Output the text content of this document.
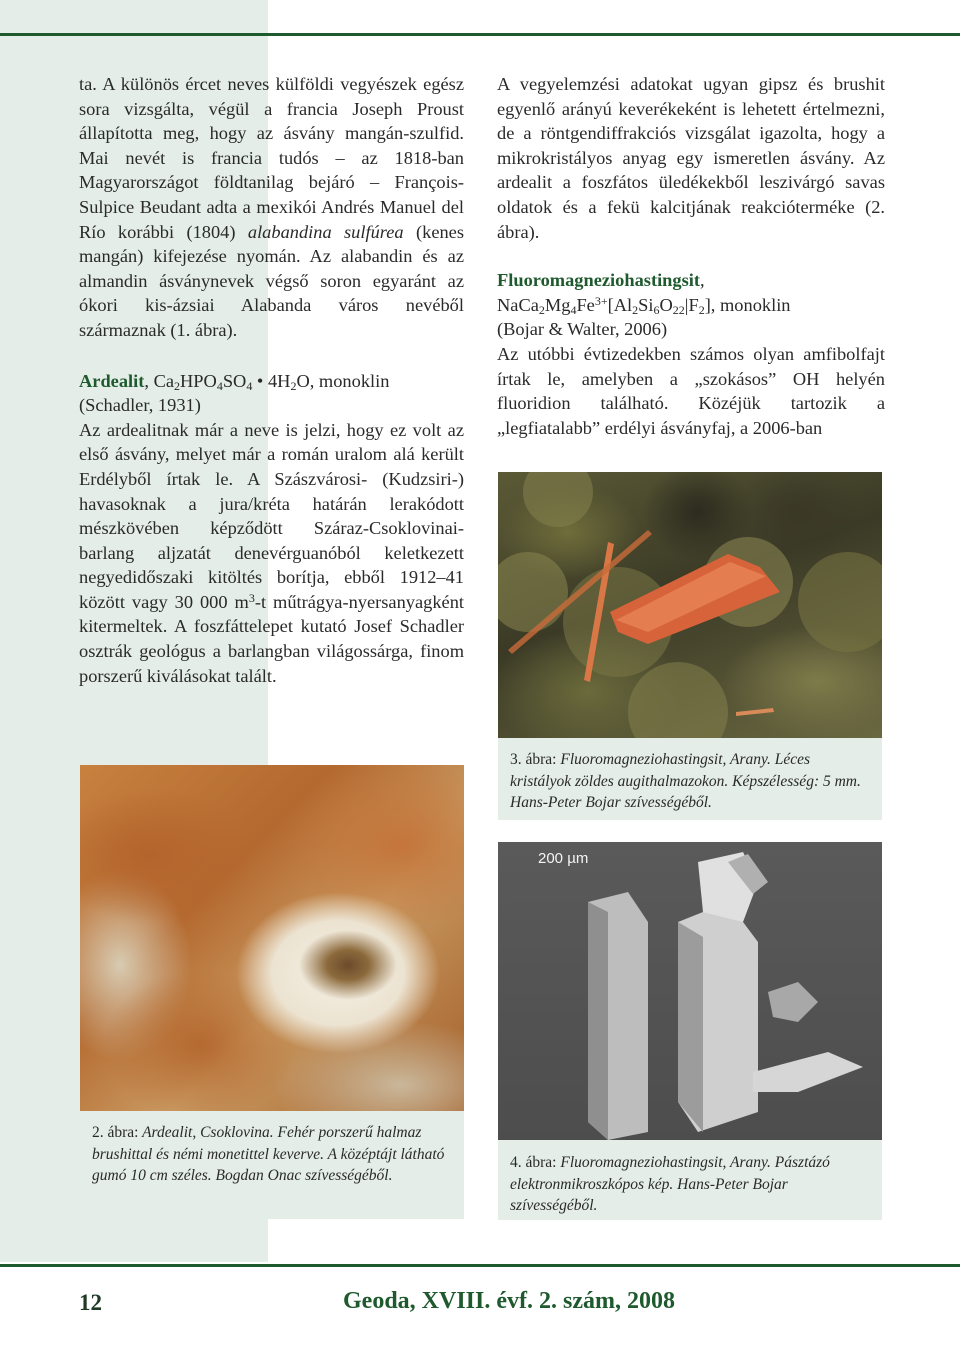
ta. A különös ércet neves külföldi vegyészek egész sora vizsgálta, végül a francia Joseph Proust állapította meg, hogy az ásvány mangán-szulfid. Mai nevét is francia tudós – az 1818-ban Magyarországot földtanilag bejáró – François-Sulpice Beudant adta a mexikói Andrés Manuel del Río korábbi (1804) alabandina sulfúrea (kenes mangán) kifejezése nyomán. Az alabandin és az almandin ásványnevek végső soron egyaránt az ókori kis-ázsiai Alabanda város nevéből származnak (1. ábra).

Ardealit, $Ca_2HPO_4SO_4$ • $4H_2O$, monoklin

(Schadler, 1931)

Az ardealitnak már a neve is jelzi, hogy ez volt az első ásvány, melyet már a román uralom alá került Erdélyből írtak le. A Szászvárosi- (Kudzsiri-) havasoknak a jura/kréta határán lerakódott mészkövében képződött Száraz-Csoklovinai-barlang aljzatát denevérguanóból keletkezett negyedidőszaki kitöltés borítja, ebből 1912–41 között vagy 30 000 $m^3-t$ műtrágya-nyersanyagként kitermeltek. A foszfáttelepet kutató Josef Schadler osztrák geológus a barlangban világossárga, finom porszerű kiválásokat talált.

A vegyelemzési adatokat ugyan gipsz és brushit egyenlő arányú keverékeként is lehetett értelmezni, de a röntgendiffrakciós vizsgálat igazolta, hogy a mikrokristályos anyag egy ismeretlen ásvány. Az ardealit a foszfátos üledékekből leszivárgó savas oldatok és a fekü kalcitjának reakcióterméke (2. ábra).

Fluoromagneziohastingsit,

$NaCa_2Mg_4Fe^{3+}[Al_2Si_6O_{22}|F_2]$, monoklin

(Bojar & Walter, 2006)

Az utóbbi évtizedekben számos olyan amfibolfajt írtak le, amelyben a „szokásos” OH helyén fluoridion található. Közéjük tartozik a „legfiatalabb” erdélyi ásványfaj, a 2006-ban

3. ábra: Fluoromagneziohastingsit, Arany. Léces kristályok zöldes augithalmazokon. Képszélesség: 5 mm. Hans-Peter Bojar szívességéből.
200 µm
4. ábra: Fluoromagneziohastingsit, Arany. Pásztázó elektronmikroszkópos kép. Hans-Peter Bojar szívességéből.
2. ábra: Ardealit, Csoklovina. Fehér porszerű halmaz brushittal és némi monetittel keverve. A középtájt látható gumó 10 cm széles. Bogdan Onac szívességéből.
12	Geoda, XVIII. évf. 2. szám, 2008
